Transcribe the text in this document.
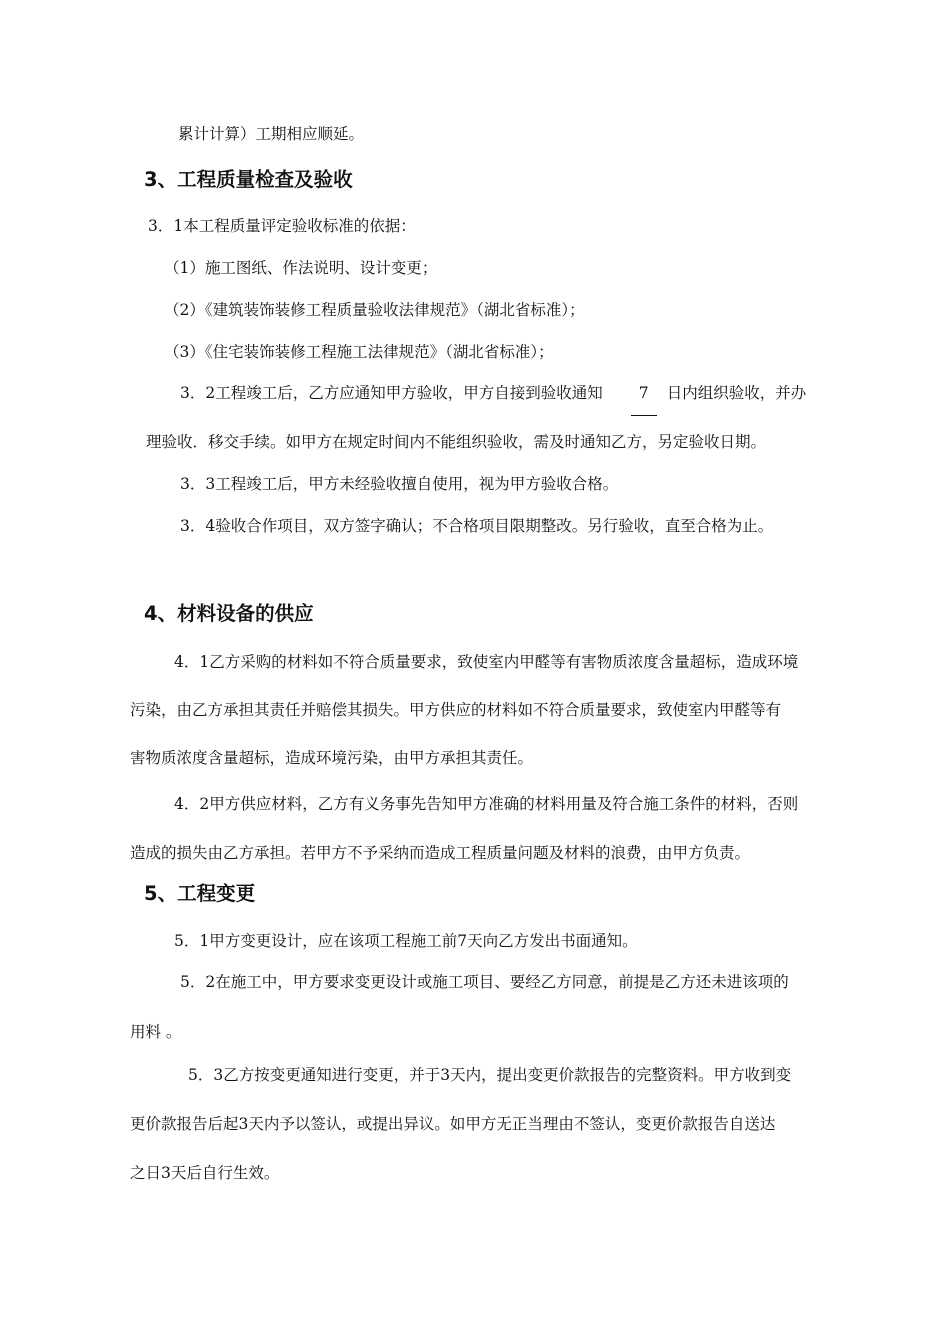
累计计算）工期相应顺延。
3、工程质量检查及验收
3．1本工程质量评定验收标准的依据：
（1）施工图纸、作法说明、设计变更；
（2）《建筑装饰装修工程质量验收法律规范》（湖北省标准）；
（3）《住宅装饰装修工程施工法律规范》（湖北省标准）；
3．2工程竣工后，乙方应通知甲方验收，甲方自接到验收通知 7 日内组织验收，并办
理验收．移交手续。如甲方在规定时间内不能组织验收，需及时通知乙方，另定验收日期。
3．3工程竣工后，甲方未经验收擅自使用，视为甲方验收合格。
3．4验收合作项目，双方签字确认；不合格项目限期整改。另行验收，直至合格为止。
4、材料设备的供应
4．1乙方采购的材料如不符合质量要求，致使室内甲醛等有害物质浓度含量超标，造成环境
污染，由乙方承担其责任并赔偿其损失。甲方供应的材料如不符合质量要求，致使室内甲醛等有
害物质浓度含量超标，造成环境污染，由甲方承担其责任。
4．2甲方供应材料，乙方有义务事先告知甲方准确的材料用量及符合施工条件的材料，否则
造成的损失由乙方承担。若甲方不予采纳而造成工程质量问题及材料的浪费，由甲方负责。
5、工程变更
5．1甲方变更设计，应在该项工程施工前7天向乙方发出书面通知。
5．2在施工中，甲方要求变更设计或施工项目、要经乙方同意，前提是乙方还未进该项的
用料 。
5．3乙方按变更通知进行变更，并于3天内，提出变更价款报告的完整资料。甲方收到变
更价款报告后起3天内予以签认，或提出异议。如甲方无正当理由不签认，变更价款报告自送达
之日3天后自行生效。
